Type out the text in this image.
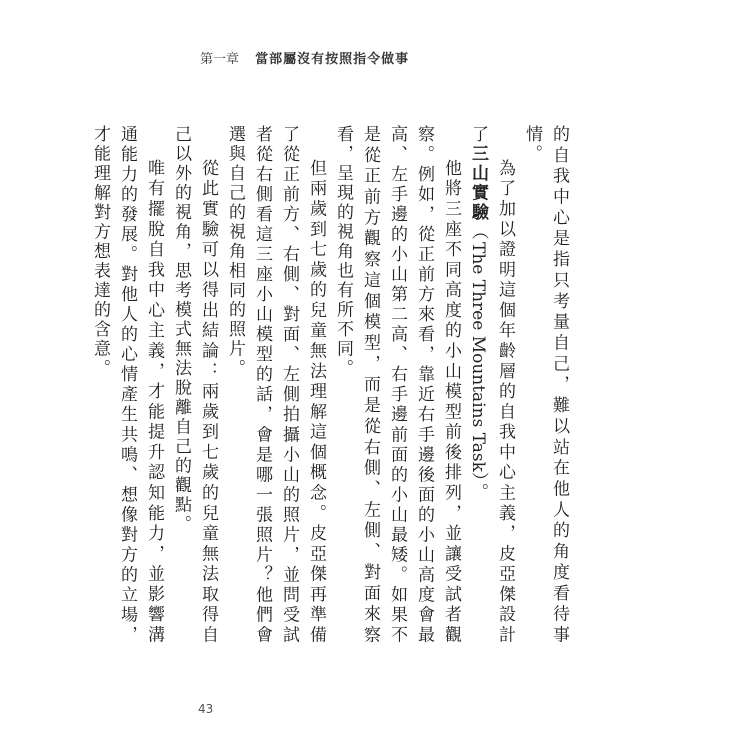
第一章 當部屬沒有按照指令做事

的自我中心是指只考量自己，難以站在他人的角度看待事情。

為了加以證明這個年齡層的自我中心主義，皮亞傑設計了三山實驗（The Three Mountains Task）。

他將三座不同高度的小山模型前後排列，並讓受試者觀察。例如，從正前方來看，靠近右手邊後面的小山高度會最高、左手邊的小山第二高、右手邊前面的小山最矮。如果不是從正前方觀察這個模型，而是從右側、左側、對面來察看，呈現的視角也有所不同。

但兩歲到七歲的兒童無法理解這個概念。皮亞傑再準備了從正前方、右側、對面、左側拍攝小山的照片，並問受試者從右側看這三座小山模型的話，會是哪一張照片？他們會選與自己的視角相同的照片。

從此實驗可以得出結論：兩歲到七歲的兒童無法取得自己以外的視角，思考模式無法脫離自己的觀點。

唯有擺脫自我中心主義，才能提升認知能力，並影響溝通能力的發展。對他人的心情產生共鳴、想像對方的立場，才能理解對方想表達的含意。

43
